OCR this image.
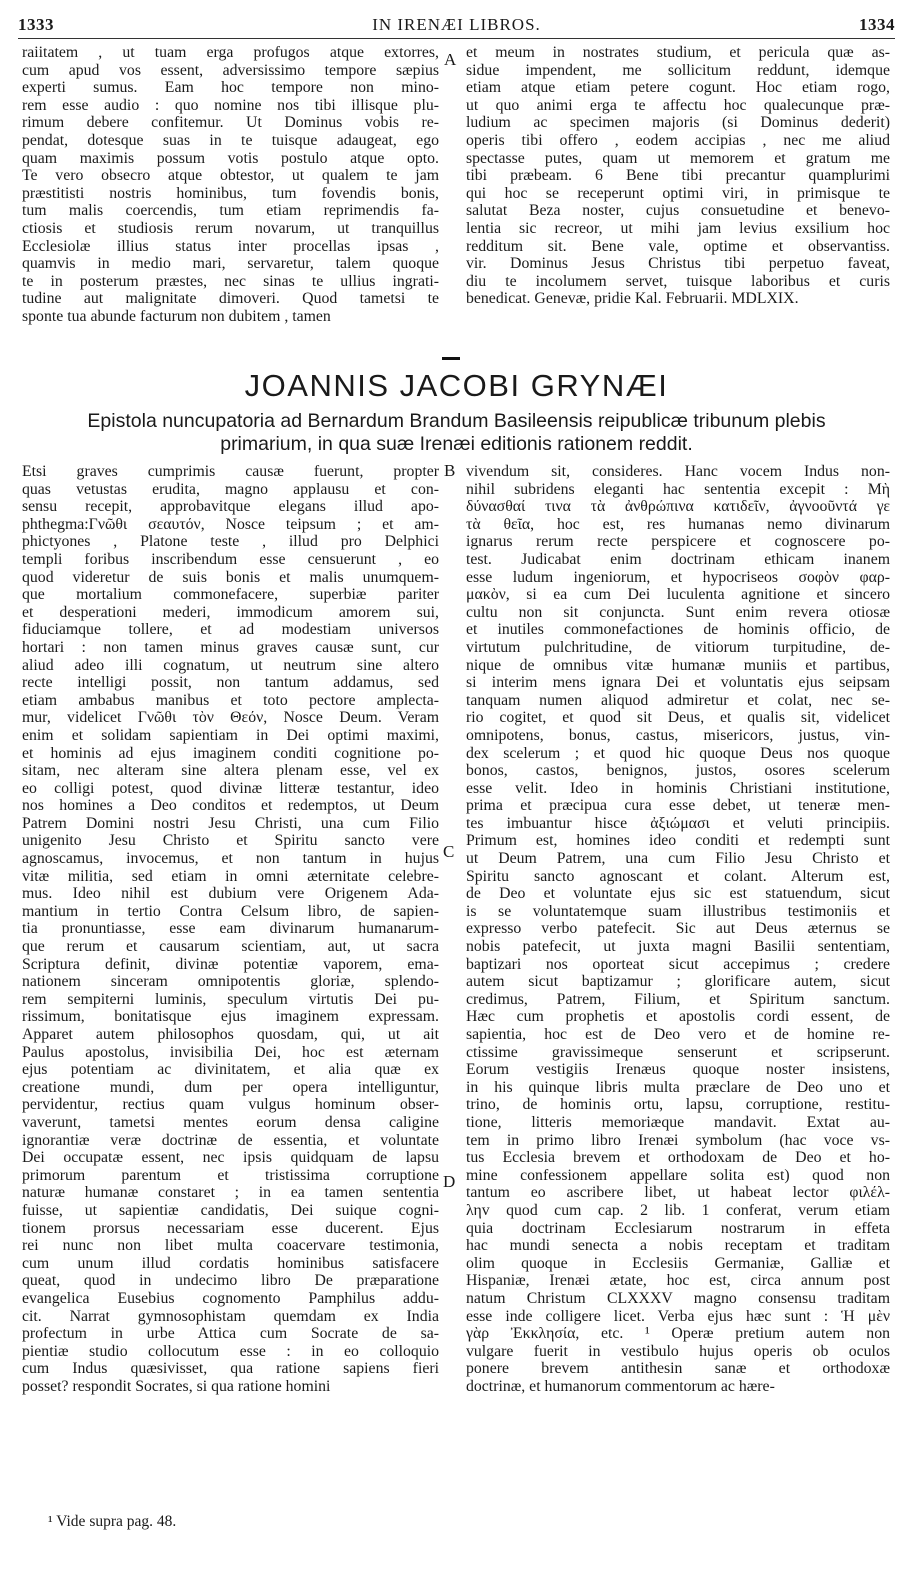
1333	IN IRENÆI LIBROS.	1334
raiitatem , ut tuam erga profugos atque extorres,
cum apud vos essent, adversissimo tempore sæpius
experti sumus. Eam hoc tempore non mino-
rem esse audio : quo nomine nos tibi illisque plu-
rimum debere confitemur. Ut Dominus vobis re-
pendat, dotesque suas in te tuisque adaugeat, ego
quam maximis possum votis postulo atque opto.
Te vero obsecro atque obtestor, ut qualem te jam
præstitisti nostris hominibus, tum fovendis bonis,
tum malis coercendis, tum etiam reprimendis fa-
ctiosis et studiosis rerum novarum, ut tranquillus
Ecclesiolæ illius status inter procellas ipsas ,
quamvis in medio mari, servaretur, talem quoque
te in posterum præstes, nec sinas te ullius ingrati-
tudine aut malignitate dimoveri. Quod tametsi te
sponte tua abunde facturum non dubitem , tamen
et meum in nostrates studium, et pericula quæ as-
sidue impendent, me sollicitum reddunt, idemque
etiam atque etiam petere cogunt. Hoc etiam rogo,
ut quo animi erga te affectu hoc qualecunque præ-
ludium ac specimen majoris (si Dominus dederit)
operis tibi offero , eodem accipias , nec me aliud
spectasse putes, quam ut memorem et gratum me
tibi præbeam. 6 Bene tibi precantur quamplurimi
qui hoc se receperunt optimi viri, in primisque te
salutat Beza noster, cujus consuetudine et benevo-
lentia sic recreor, ut mihi jam levius exsilium hoc
redditum sit. Bene vale, optime et observantiss.
vir. Dominus Jesus Christus tibi perpetuo faveat,
diu te incolumem servet, tuisque laboribus et curis
benedicat. Genevæ, pridie Kal. Februarii. MDLXIX.
A
JOANNIS JACOBI GRYNÆI
Epistola nuncupatoria ad Bernardum Brandum Basileensis reipublicæ tribunum plebis
primarium, in qua suæ Irenæi editionis rationem reddit.
Etsi graves cumprimis causæ fuerunt, propter
quas vetustas erudita, magno applausu et con-
sensu recepit, approbavitque elegans illud apo-
phthegma:Γνῶθι σεαυτόν, Nosce teipsum ; et am-
phictyones , Platone teste , illud pro Delphici
templi foribus inscribendum esse censuerunt , eo
quod videretur de suis bonis et malis unumquem-
que mortalium commonefacere, superbiæ pariter
et desperationi mederi, immodicum amorem sui,
fiduciamque tollere, et ad modestiam universos
hortari : non tamen minus graves causæ sunt, cur
aliud adeo illi cognatum, ut neutrum sine altero
recte intelligi possit, non tantum addamus, sed
etiam ambabus manibus et toto pectore amplecta-
mur, videlicet Γνῶθι τὸν Θεόν, Nosce Deum. Veram
enim et solidam sapientiam in Dei optimi maximi,
et hominis ad ejus imaginem conditi cognitione po-
sitam, nec alteram sine altera plenam esse, vel ex
eo colligi potest, quod divinæ litteræ testantur, ideo
nos homines a Deo conditos et redemptos, ut Deum
Patrem Domini nostri Jesu Christi, una cum Filio
unigenito Jesu Christo et Spiritu sancto vere
agnoscamus, invocemus, et non tantum in hujus
vitæ militia, sed etiam in omni æternitate celebre-
mus. Ideo nihil est dubium vere Origenem Ada-
mantium in tertio Contra Celsum libro, de sapien-
tia pronuntiasse, esse eam divinarum humanarum-
que rerum et causarum scientiam, aut, ut sacra
Scriptura definit, divinæ potentiæ vaporem, ema-
nationem sinceram omnipotentis gloriæ, splendo-
rem sempiterni luminis, speculum virtutis Dei pu-
rissimum, bonitatisque ejus imaginem expressam.
Apparet autem philosophos quosdam, qui, ut ait
Paulus apostolus, invisibilia Dei, hoc est æternam
ejus potentiam ac divinitatem, et alia quæ ex
creatione mundi, dum per opera intelliguntur,
pervidentur, rectius quam vulgus hominum obser-
vaverunt, tametsi mentes eorum densa caligine
ignorantiæ veræ doctrinæ de essentia, et voluntate
Dei occupatæ essent, nec ipsis quidquam de lapsu
primorum parentum et tristissima corruptione
naturæ humanæ constaret ; in ea tamen sententia
fuisse, ut sapientiæ candidatis, Dei suique cogni-
tionem prorsus necessariam esse ducerent. Ejus
rei nunc non libet multa coacervare testimonia,
cum unum illud cordatis hominibus satisfacere
queat, quod in undecimo libro De præparatione
evangelica Eusebius cognomento Pamphilus addu-
cit. Narrat gymnosophistam quemdam ex India
profectum in urbe Attica cum Socrate de sa-
pientiæ studio collocutum esse : in eo colloquio
cum Indus quæsivisset, qua ratione sapiens fieri
posset? respondit Socrates, si qua ratione homini
vivendum sit, consideres. Hanc vocem Indus non-
nihil subridens eleganti hac sententia excepit : Μὴ
δύνασθαί τινα τὰ ἀνθρώπινα κατιδεῖν, ἀγνοοῦντά γε
τὰ θεῖα, hoc est, res humanas nemo divinarum
ignarus rerum recte perspicere et cognoscere po-
test. Judicabat enim doctrinam ethicam inanem
esse ludum ingeniorum, et hypocriseos σοφὸν φαρ-
μακὸν, si ea cum Dei luculenta agnitione et sincero
cultu non sit conjuncta. Sunt enim revera otiosæ
et inutiles commonefactiones de hominis officio, de
virtutum pulchritudine, de vitiorum turpitudine, de-
nique de omnibus vitæ humanæ muniis et partibus,
si interim mens ignara Dei et voluntatis ejus seipsam
tanquam numen aliquod admiretur et colat, nec se-
rio cogitet, et quod sit Deus, et qualis sit, videlicet
omnipotens, bonus, castus, misericors, justus, vin-
dex scelerum ; et quod hic quoque Deus nos quoque
bonos, castos, benignos, justos, osores scelerum
esse velit. Ideo in hominis Christiani institutione,
prima et præcipua cura esse debet, ut teneræ men-
tes imbuantur hisce ἀξιώμασι et veluti principiis.
Primum est, homines ideo conditi et redempti sunt
ut Deum Patrem, una cum Filio Jesu Christo et
Spiritu sancto agnoscant et colant. Alterum est,
de Deo et voluntate ejus sic est statuendum, sicut
is se voluntatemque suam illustribus testimoniis et
expresso verbo patefecit. Sic aut Deus æternus se
nobis patefecit, ut juxta magni Basilii sententiam,
baptizari nos oporteat sicut accepimus ; credere
autem sicut baptizamur ; glorificare autem, sicut
credimus, Patrem, Filium, et Spiritum sanctum.
Hæc cum prophetis et apostolis cordi essent, de
sapientia, hoc est de Deo vero et de homine re-
ctissime gravissimeque senserunt et scripserunt.
Eorum vestigiis Irenæus quoque noster insistens,
in his quinque libris multa præclare de Deo uno et
trino, de hominis ortu, lapsu, corruptione, restitu-
tione, litteris memoriæque mandavit. Extat au-
tem in primo libro Irenæi symbolum (hac voce vs-
tus Ecclesia brevem et orthodoxam de Deo et ho-
mine confessionem appellare solita est) quod non
tantum eo ascribere libet, ut habeat lector φιλέλ-
ληv quod cum cap. 2 lib. 1 conferat, verum etiam
quia doctrinam Ecclesiarum nostrarum in effeta
hac mundi senecta a nobis receptam et traditam
olim quoque in Ecclesiis Germaniæ, Galliæ et
Hispaniæ, Irenæi ætate, hoc est, circa annum post
natum Christum CLXXXV magno consensu traditam
esse inde colligere licet. Verba ejus hæc sunt : Ἡ μὲν
γὰρ Ἐκκλησία, etc. ¹ Operæ pretium autem non
vulgare fuerit in vestibulo hujus operis ob oculos
ponere brevem antithesin sanæ et orthodoxæ
doctrinæ, et humanorum commentorum ac hære-
B
C
D
¹ Vide supra pag. 48.
